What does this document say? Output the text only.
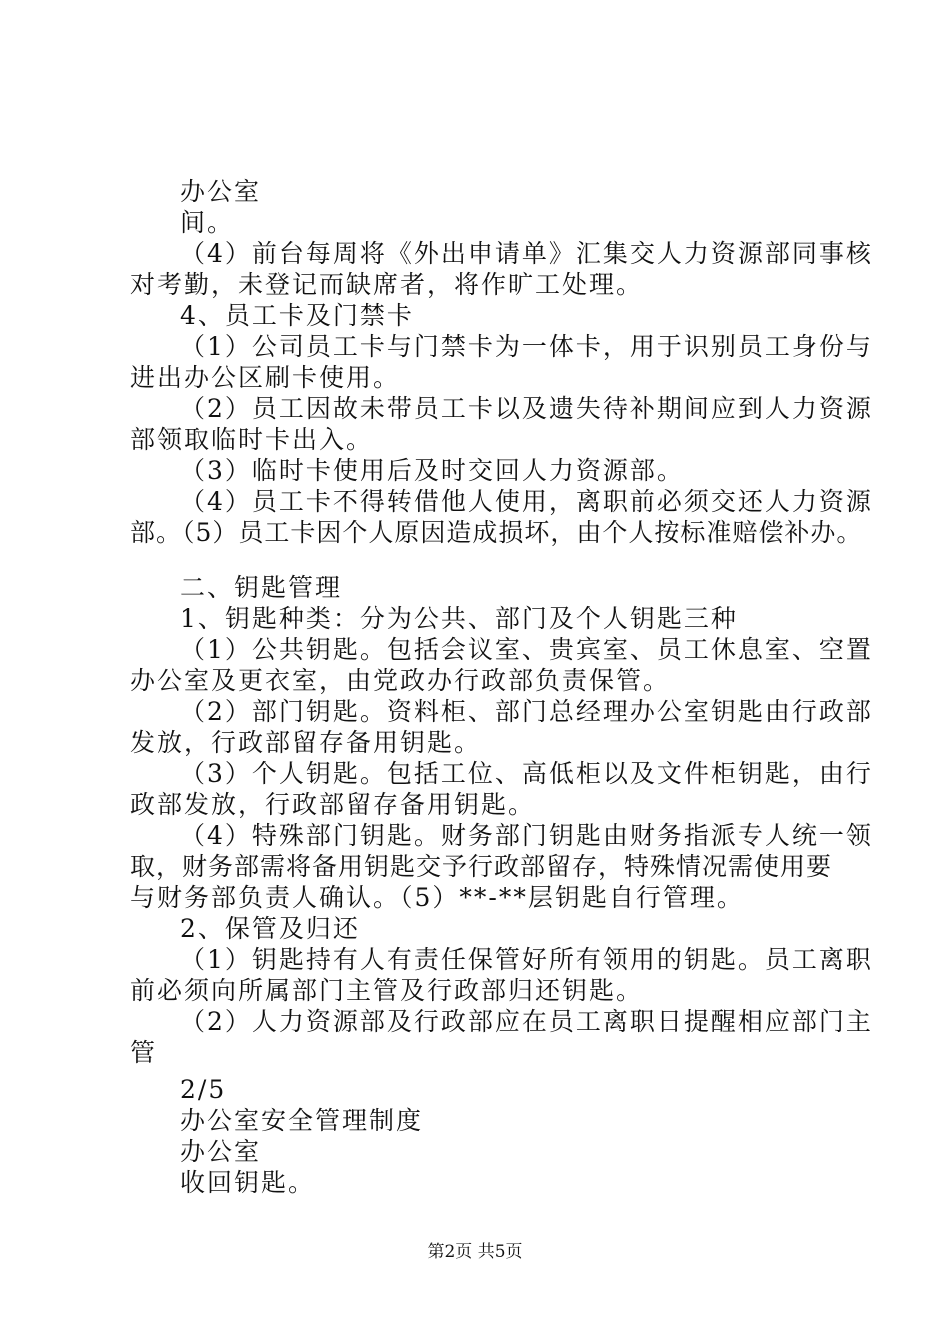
办公室
间。
（4）前台每周将《外出申请单》汇集交人力资源部同事核
对考勤，未登记而缺席者，将作旷工处理。
4、员工卡及门禁卡
（1）公司员工卡与门禁卡为一体卡，用于识别员工身份与
进出办公区刷卡使用。
（2）员工因故未带员工卡以及遗失待补期间应到人力资源
部领取临时卡出入。
（3）临时卡使用后及时交回人力资源部。
（4）员工卡不得转借他人使用，离职前必须交还人力资源
部。（5）员工卡因个人原因造成损坏，由个人按标准赔偿补办。
二、钥匙管理
1、钥匙种类：分为公共、部门及个人钥匙三种
（1）公共钥匙。包括会议室、贵宾室、员工休息室、空置
办公室及更衣室，由党政办行政部负责保管。
（2）部门钥匙。资料柜、部门总经理办公室钥匙由行政部
发放，行政部留存备用钥匙。
（3）个人钥匙。包括工位、高低柜以及文件柜钥匙，由行
政部发放，行政部留存备用钥匙。
（4）特殊部门钥匙。财务部门钥匙由财务指派专人统一领
取，财务部需将备用钥匙交予行政部留存，特殊情况需使用要
与财务部负责人确认。（5）**-**层钥匙自行管理。
2、保管及归还
（1）钥匙持有人有责任保管好所有领用的钥匙。员工离职
前必须向所属部门主管及行政部归还钥匙。
（2）人力资源部及行政部应在员工离职日提醒相应部门主
管
2/5
办公室安全管理制度
办公室
收回钥匙。
第2页 共5页
